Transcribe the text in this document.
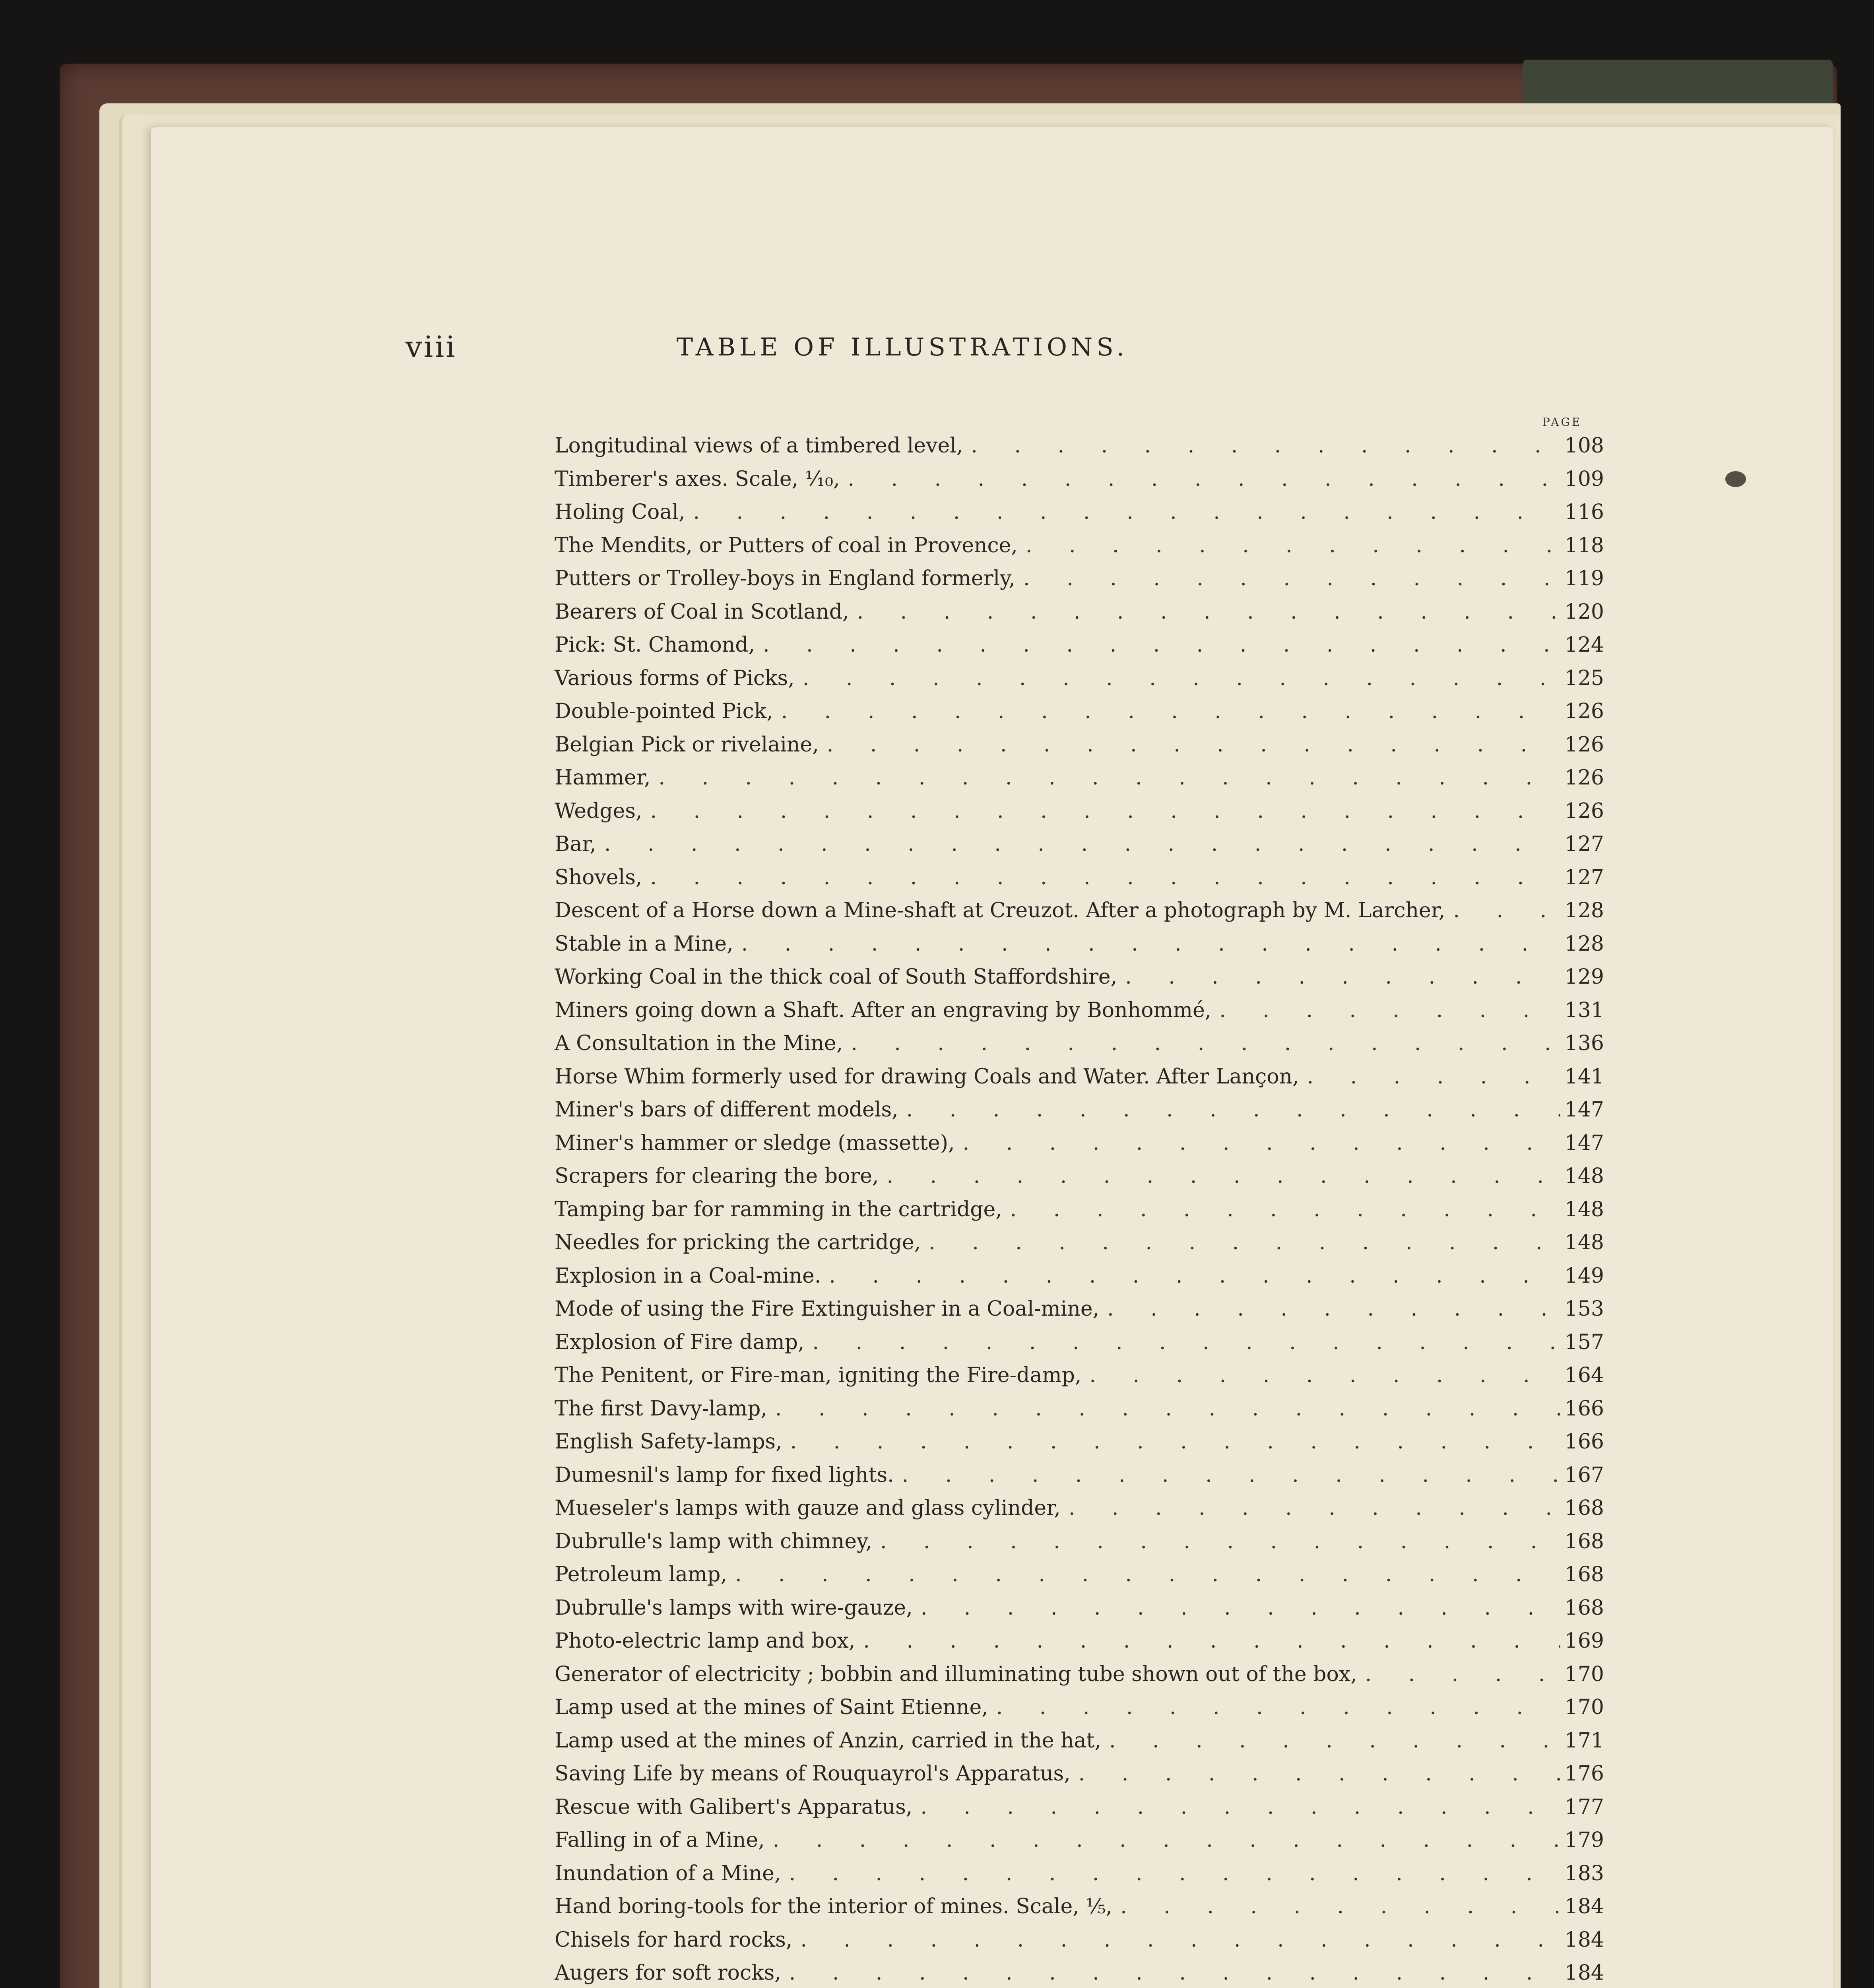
viii	TABLE OF ILLUSTRATIONS.
PAGE
Longitudinal views of a timbered level, . . .	108
Timberer's axes. Scale, ¹⁄₁₀, . . .	109
Holing Coal, . . .	116
The Mendits, or Putters of coal in Provence, . . .	118
Putters or Trolley-boys in England formerly, . . .	119
Bearers of Coal in Scotland, . . .	120
Pick: St. Chamond, . . .	124
Various forms of Picks, . . .	125
Double-pointed Pick, . . .	126
Belgian Pick or rivelaine, . . .	126
Hammer, . . .	126
Wedges, . . .	126
Bar, . . .	127
Shovels, . . .	127
Descent of a Horse down a Mine-shaft at Creuzot. After a photograph by M. Larcher, . . .	128
Stable in a Mine, . . .	128
Working Coal in the thick coal of South Staffordshire, . . .	129
Miners going down a Shaft. After an engraving by Bonhommé, . . .	131
A Consultation in the Mine, . . .	136
Horse Whim formerly used for drawing Coals and Water. After Lançon, . . .	141
Miner's bars of different models, . . .	147
Miner's hammer or sledge (massette), . . .	147
Scrapers for clearing the bore, . . .	148
Tamping bar for ramming in the cartridge, . . .	148
Needles for pricking the cartridge, . . .	148
Explosion in a Coal-mine. . . .	149
Mode of using the Fire Extinguisher in a Coal-mine, . . .	153
Explosion of Fire damp, . . .	157
The Penitent, or Fire-man, igniting the Fire-damp, . . .	164
The first Davy-lamp, . . .	166
English Safety-lamps, . . .	166
Dumesnil's lamp for fixed lights. . . .	167
Mueseler's lamps with gauze and glass cylinder, . . .	168
Dubrulle's lamp with chimney, . . .	168
Petroleum lamp, . . .	168
Dubrulle's lamps with wire-gauze, . . .	168
Photo-electric lamp and box, . . .	169
Generator of electricity ; bobbin and illuminating tube shown out of the box, . . .	170
Lamp used at the mines of Saint Etienne, . . .	170
Lamp used at the mines of Anzin, carried in the hat, . . .	171
Saving Life by means of Rouquayrol's Apparatus, . . .	176
Rescue with Galibert's Apparatus, . . .	177
Falling in of a Mine, . . .	179
Inundation of a Mine, . . .	183
Hand boring-tools for the interior of mines. Scale, ⅕, . . .	184
Chisels for hard rocks, . . .	184
Augers for soft rocks, . . .	184
